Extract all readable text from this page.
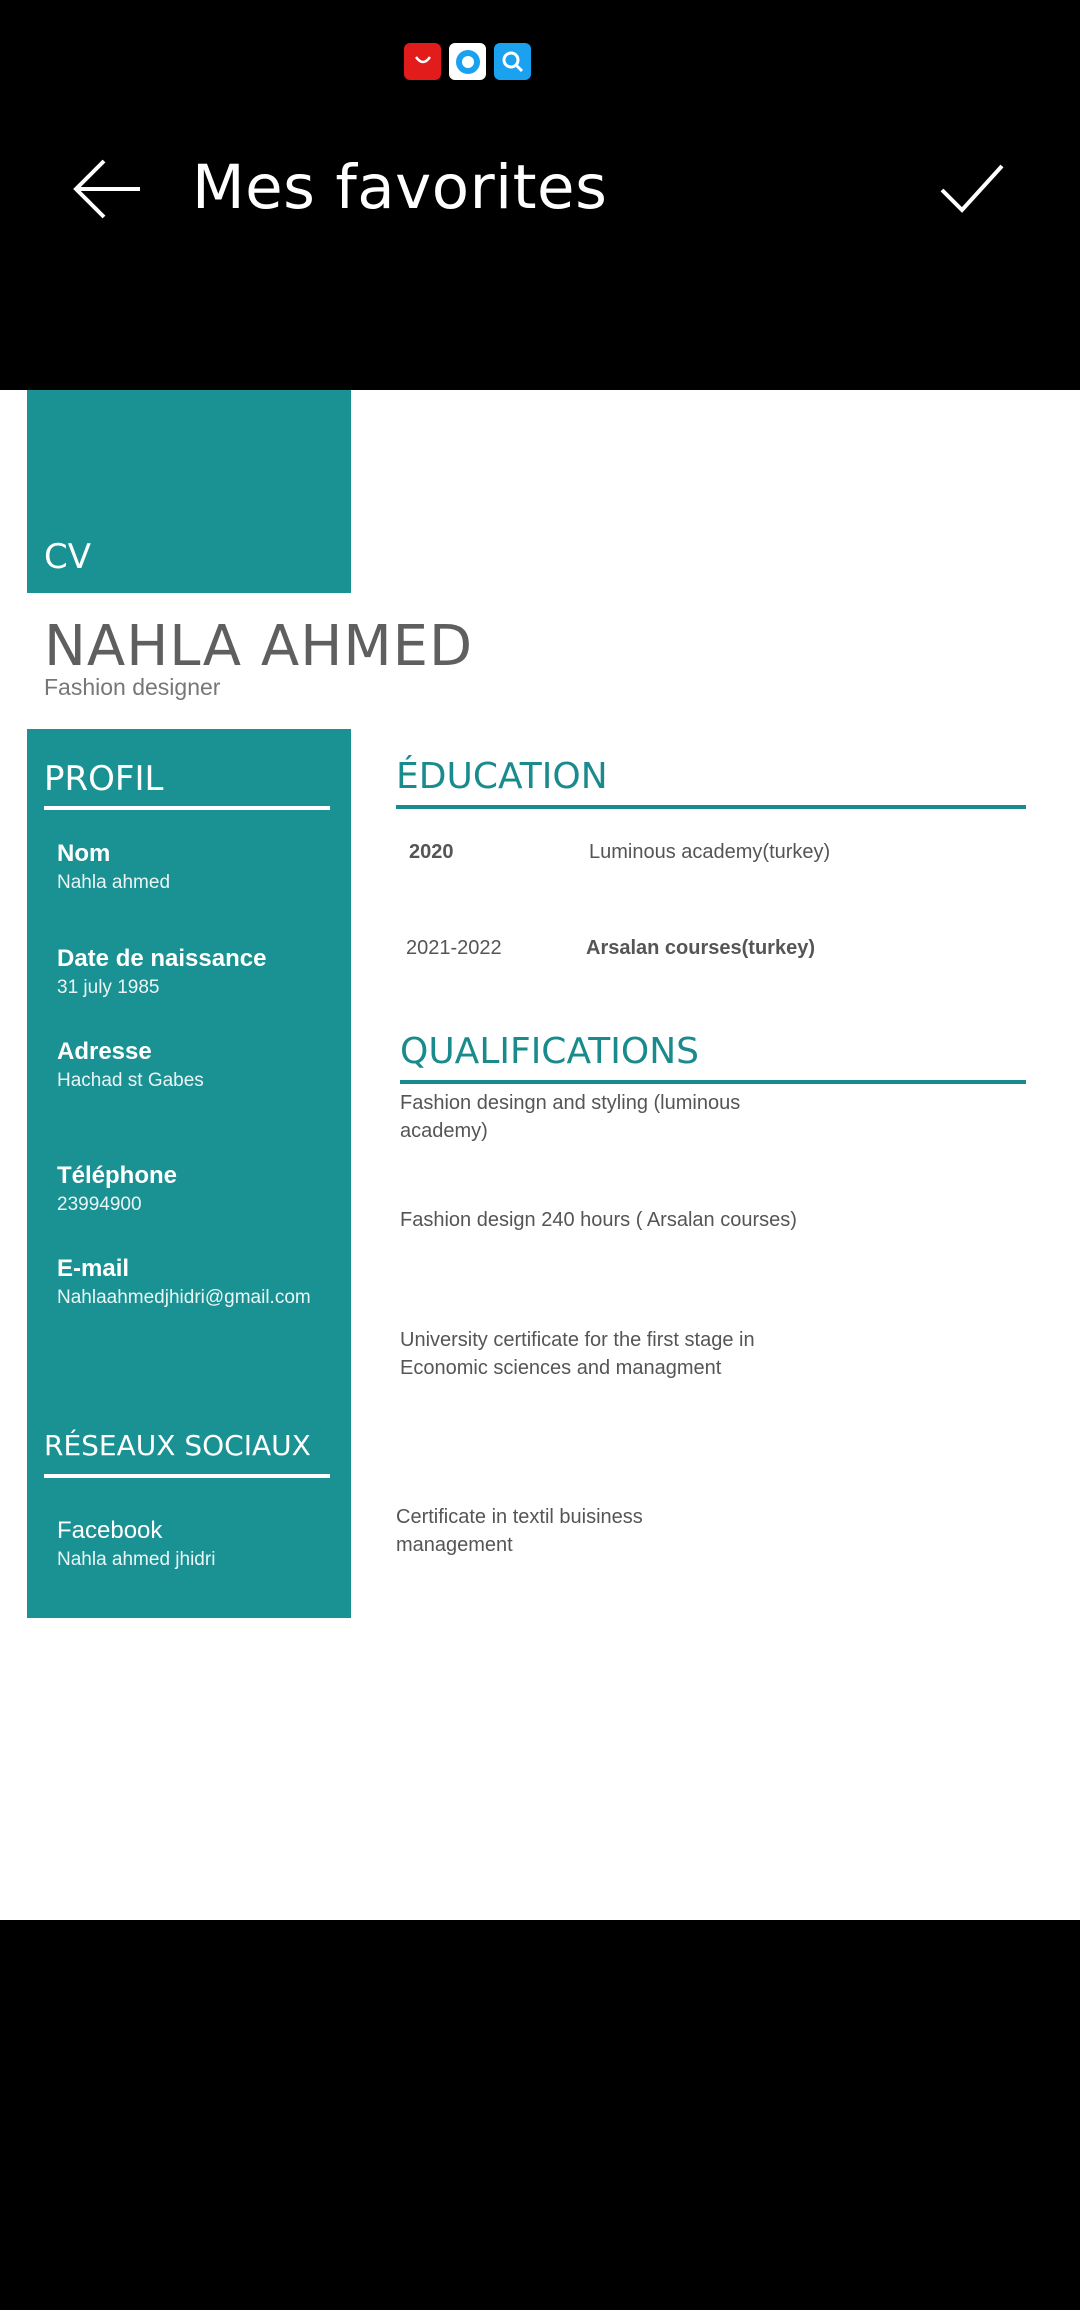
Mes favorites
CV
NAHLA AHMED
Fashion designer
PROFIL
Nom
Nahla ahmed
Date de naissance
31 july 1985
Adresse
Hachad st Gabes
Téléphone
23994900
E-mail
Nahlaahmedjhidri@gmail.com
RÉSEAUX SOCIAUX
Facebook
Nahla ahmed jhidri
ÉDUCATION
2020	Luminous academy(turkey)
2021-2022	Arsalan courses(turkey)
QUALIFICATIONS
Fashion desingn and styling (luminous academy)
Fashion design 240 hours ( Arsalan courses)
University certificate for the first stage in Economic sciences and managment
Certificate in textil buisiness management
